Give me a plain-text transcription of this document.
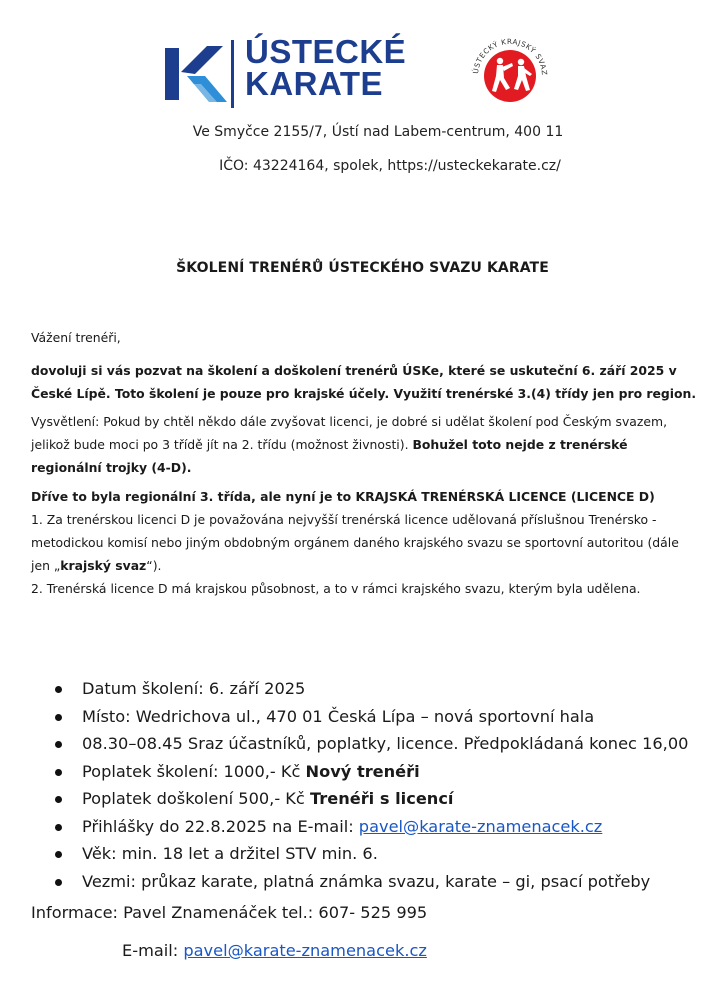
ÚSTECKÉ
KARATE	ÚSTECKÝ KRAJSKÝ SVAZ
Ve Smyčce 2155/7, Ústí nad Labem-centrum, 400 11
IČO: 43224164, spolek, https://usteckekarate.cz/
ŠKOLENÍ TRENÉRŮ ÚSTECKÉHO SVAZU KARATE
Vážení trenéři,
dovoluji si vás pozvat na školení a doškolení trenérů ÚSKe, které se uskuteční 6. září 2025 v České Lípě. Toto školení je pouze pro krajské účely. Využití trenérské 3.(4) třídy jen pro region.
Vysvětlení: Pokud by chtěl někdo dále zvyšovat licenci, je dobré si udělat školení pod Českým svazem, jelikož bude moci po 3 třídě jít na 2. třídu (možnost živnosti). Bohužel toto nejde z trenérské regionální trojky (4-D).
Dříve to byla regionální 3. třída, ale nyní je to KRAJSKÁ TRENÉRSKÁ LICENCE (LICENCE D)
1. Za trenérskou licenci D je považována nejvyšší trenérská licence udělovaná příslušnou Trenérsko - metodickou komisí nebo jiným obdobným orgánem daného krajského svazu se sportovní autoritou (dále jen „krajský svaz“).
2. Trenérská licence D má krajskou působnost, a to v rámci krajského svazu, kterým byla udělena.
Datum školení: 6. září 2025
Místo: Wedrichova ul., 470 01 Česká Lípa – nová sportovní hala
08.30–08.45 Sraz účastníků, poplatky, licence. Předpokládaná konec 16,00
Poplatek školení: 1000,- Kč Nový trenéři
Poplatek doškolení 500,- Kč Trenéři s licencí
Přihlášky do 22.8.2025 na E-mail: pavel@karate-znamenacek.cz
Věk: min. 18 let a držitel STV min. 6.
Vezmi: průkaz karate, platná známka svazu, karate – gi, psací potřeby
Informace: Pavel Znamenáček tel.: 607- 525 995
E-mail: pavel@karate-znamenacek.cz
